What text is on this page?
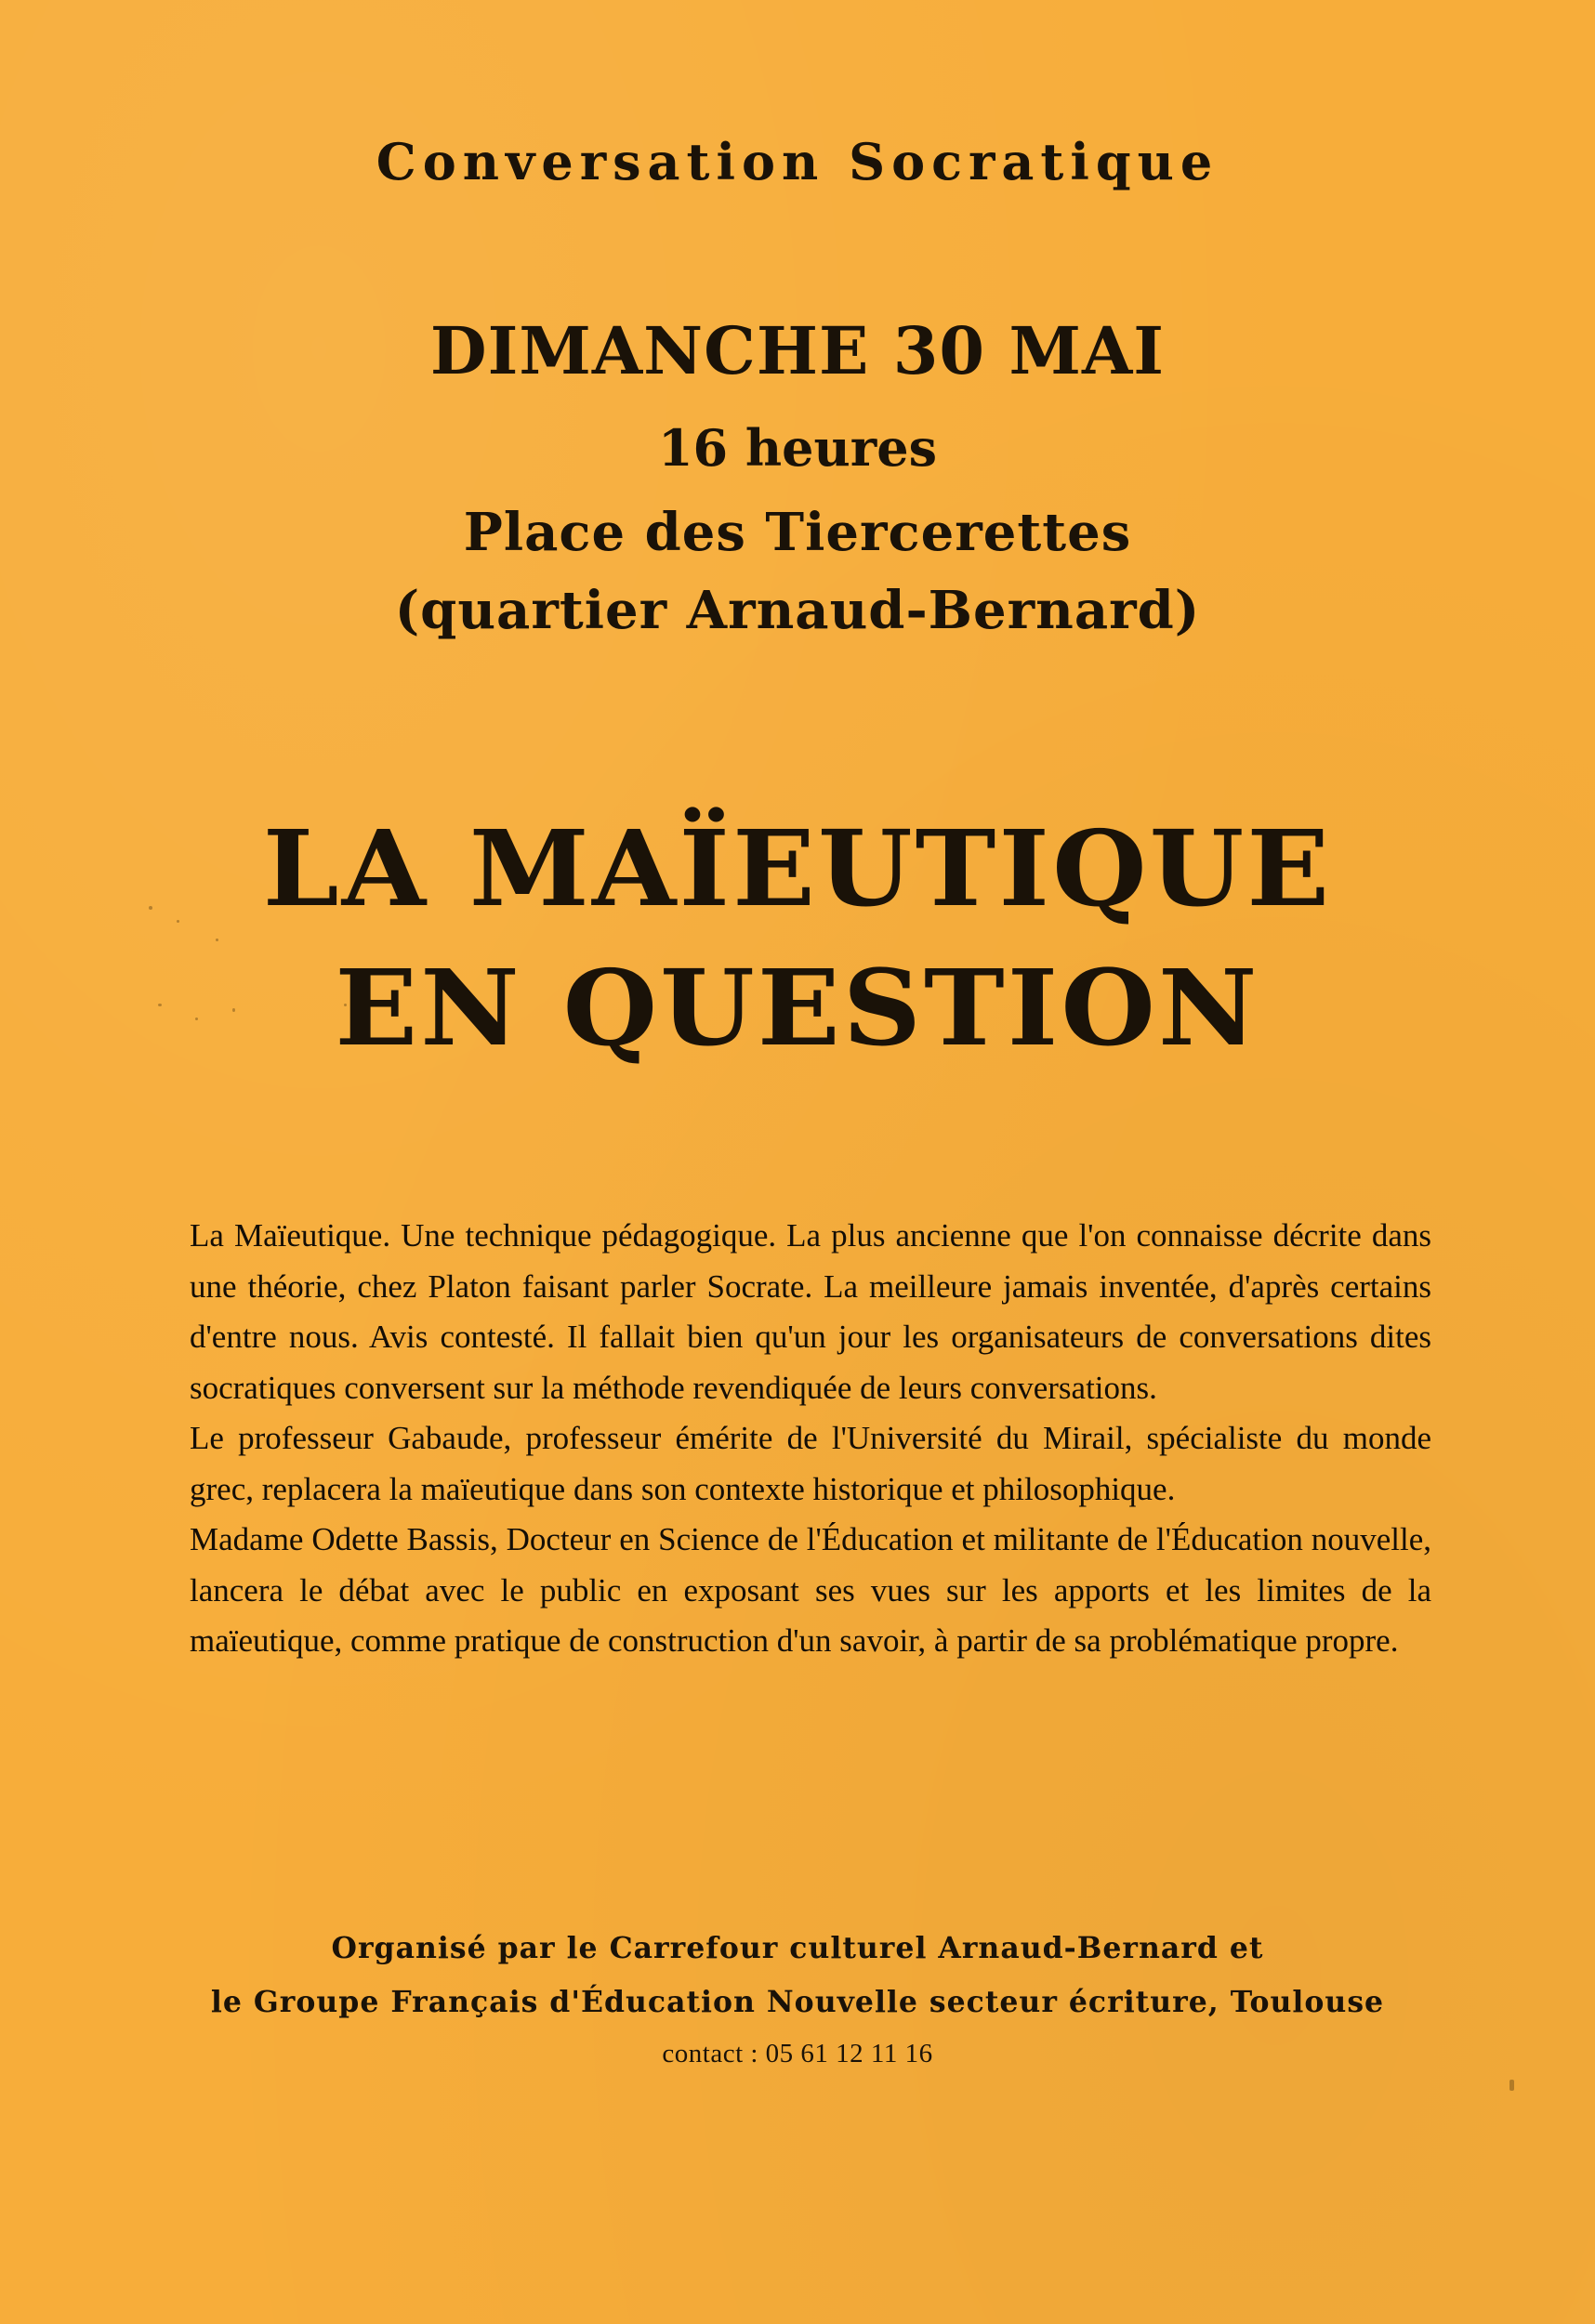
Conversation Socratique
DIMANCHE 30 MAI
16 heures
Place des Tiercerettes
(quartier Arnaud-Bernard)
LA MAÏEUTIQUE
EN QUESTION

La Maïeutique. Une technique pédagogique. La plus ancienne que l'on connaisse décrite dans une théorie, chez Platon faisant parler Socrate. La meilleure jamais inventée, d'après certains d'entre nous. Avis contesté. Il fallait bien qu'un jour les organisateurs de conversations dites socratiques conversent sur la méthode revendiquée de leurs conversations.

Le professeur Gabaude, professeur émérite de l'Université du Mirail, spécialiste du monde grec, replacera la maïeutique dans son contexte historique et philosophique.

Madame Odette Bassis, Docteur en Science de l'Éducation et militante de l'Éducation nouvelle, lancera le débat avec le public en exposant ses vues sur les apports et les limites de la maïeutique, comme pratique de construction d'un savoir, à partir de sa problématique propre.

Organisé par le Carrefour culturel Arnaud-Bernard et
le Groupe Français d'Éducation Nouvelle secteur écriture, Toulouse
contact : 05 61 12 11 16
